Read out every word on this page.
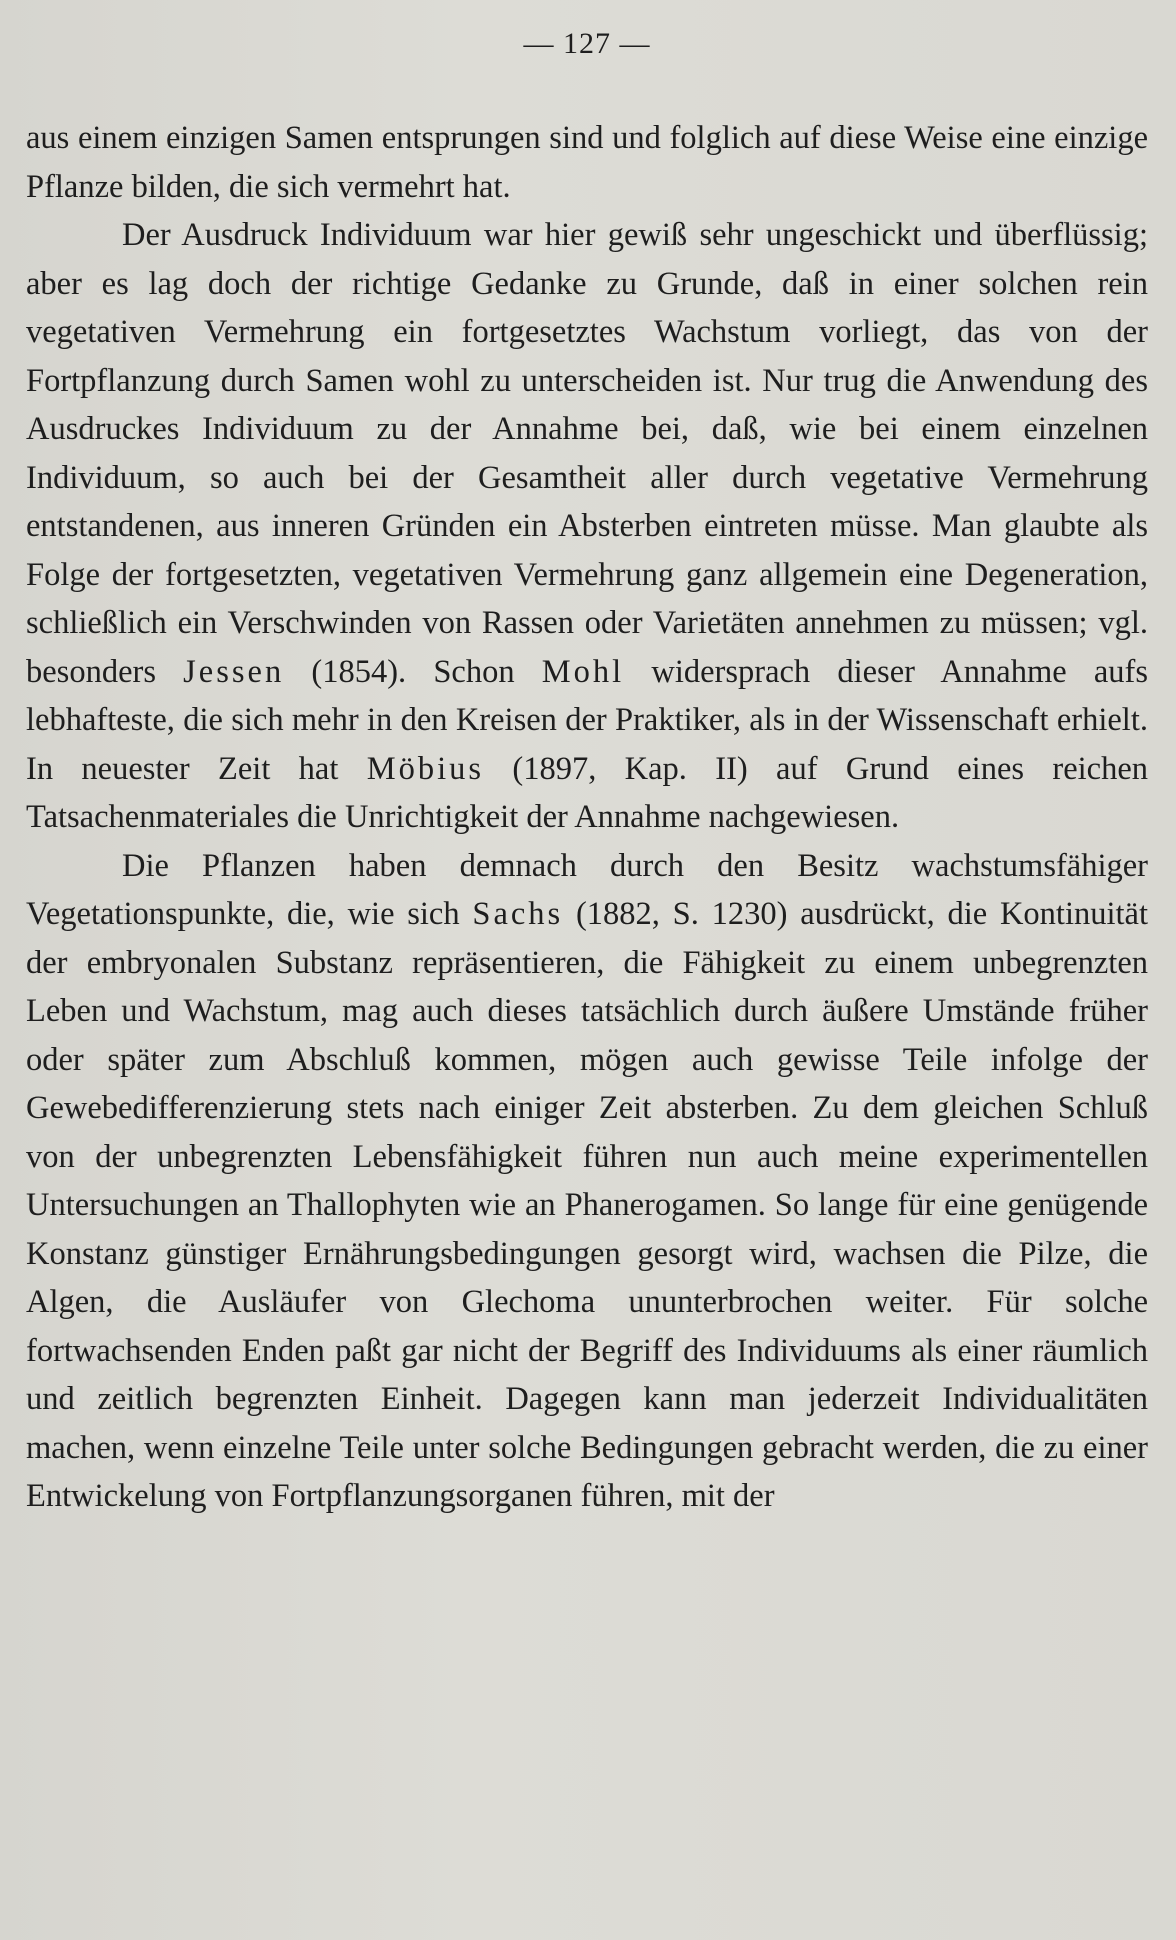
— 127 —

aus einem einzigen Samen entsprungen sind und folglich auf diese Weise eine einzige Pflanze bilden, die sich vermehrt hat.

Der Ausdruck Individuum war hier gewiß sehr ungeschickt und überflüssig; aber es lag doch der richtige Gedanke zu Grunde, daß in einer solchen rein vegetativen Vermehrung ein fortgesetztes Wachstum vorliegt, das von der Fortpflanzung durch Samen wohl zu unterscheiden ist. Nur trug die Anwendung des Ausdruckes Individuum zu der Annahme bei, daß, wie bei einem einzelnen Individuum, so auch bei der Gesamtheit aller durch vegetative Vermehrung entstandenen, aus inneren Gründen ein Absterben eintreten müsse. Man glaubte als Folge der fortgesetzten, vegetativen Vermehrung ganz allgemein eine Degeneration, schließlich ein Verschwinden von Rassen oder Varietäten annehmen zu müssen; vgl. besonders Jessen (1854). Schon Mohl widersprach dieser Annahme aufs lebhafteste, die sich mehr in den Kreisen der Praktiker, als in der Wissenschaft erhielt. In neuester Zeit hat Möbius (1897, Kap. II) auf Grund eines reichen Tatsachenmateriales die Unrichtigkeit der Annahme nachgewiesen.

Die Pflanzen haben demnach durch den Besitz wachstumsfähiger Vegetationspunkte, die, wie sich Sachs (1882, S. 1230) ausdrückt, die Kontinuität der embryonalen Substanz repräsentieren, die Fähigkeit zu einem unbegrenzten Leben und Wachstum, mag auch dieses tatsächlich durch äußere Umstände früher oder später zum Abschluß kommen, mögen auch gewisse Teile infolge der Gewebedifferenzierung stets nach einiger Zeit absterben. Zu dem gleichen Schluß von der unbegrenzten Lebensfähigkeit führen nun auch meine experimentellen Untersuchungen an Thallophyten wie an Phanerogamen. So lange für eine genügende Konstanz günstiger Ernährungsbedingungen gesorgt wird, wachsen die Pilze, die Algen, die Ausläufer von Glechoma ununterbrochen weiter. Für solche fortwachsenden Enden paßt gar nicht der Begriff des Individuums als einer räumlich und zeitlich begrenzten Einheit. Dagegen kann man jederzeit Individualitäten machen, wenn einzelne Teile unter solche Bedingungen gebracht werden, die zu einer Entwickelung von Fortpflanzungsorganen führen, mit der
